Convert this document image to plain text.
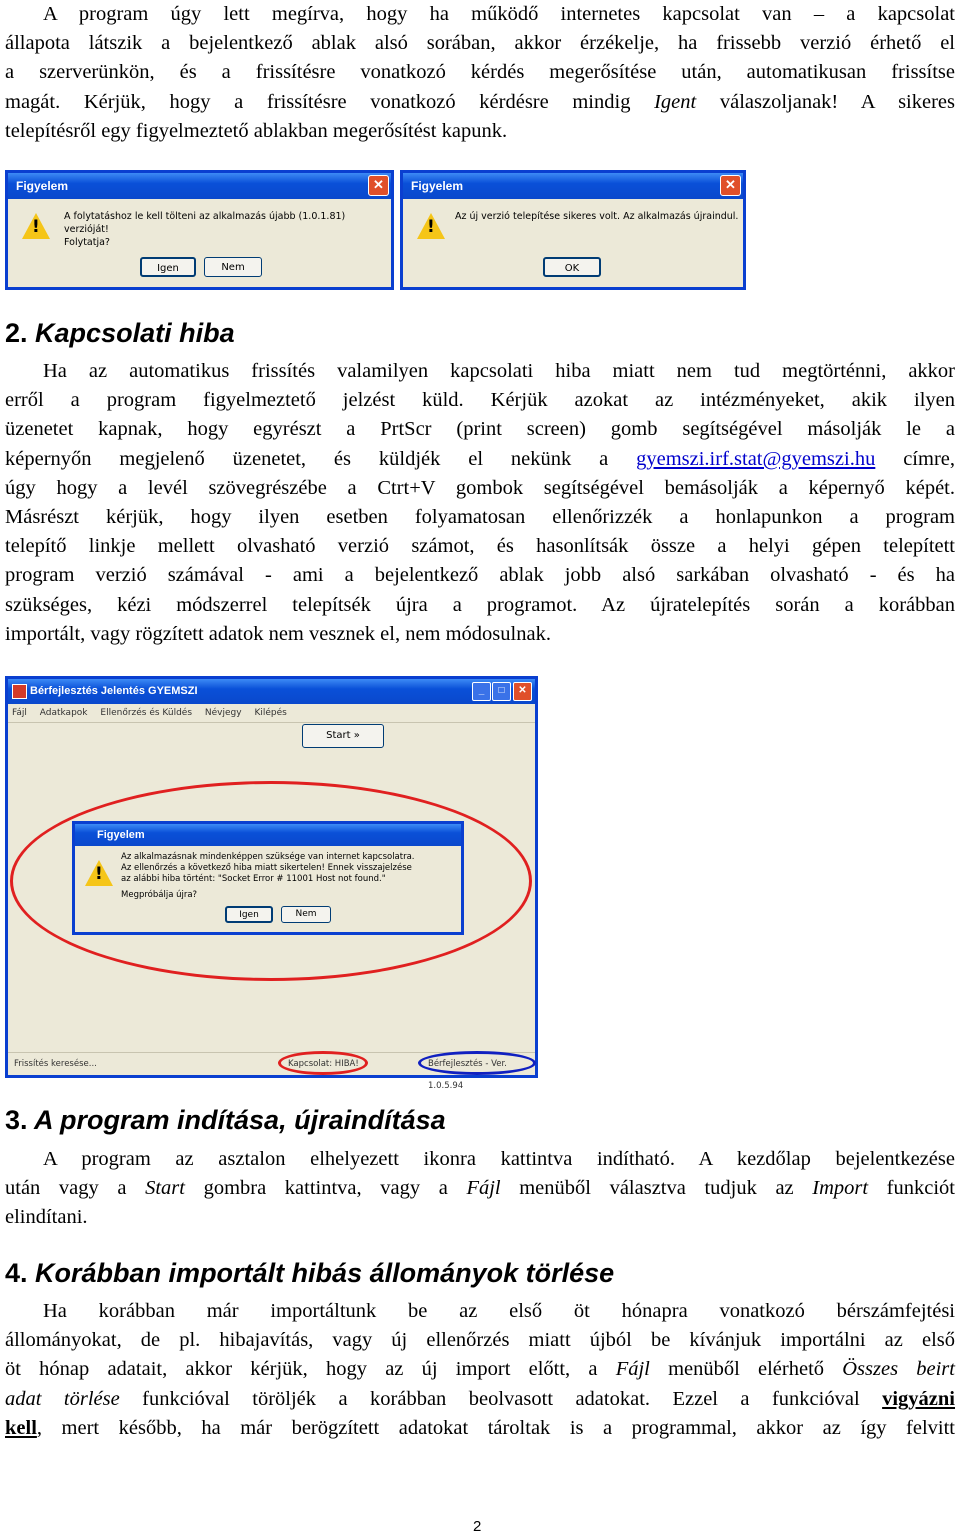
A program úgy lett megírva, hogy ha működő internetes kapcsolat van – a kapcsolat
állapota látszik a bejelentkező ablak alsó sorában, akkor érzékelje, ha frissebb verzió érhető el
a szerverünkön, és a frissítésre vonatkozó kérdés megerősítése után, automatikusan frissítse
magát. Kérjük, hogy a frissítésre vonatkozó kérdésre mindig Igent válaszoljanak! A sikeres
telepítésről egy figyelmeztető ablakban megerősítést kapunk.
Figyelem	✕
!
A folytatáshoz le kell tölteni az alkalmazás újabb (1.0.1.81) verzióját!
Folytatja?
Igen	Nem
Figyelem	✕
!
Az új verzió telepítése sikeres volt. Az alkalmazás újraindul.
OK
2. Kapcsolati hiba
Ha az automatikus frissítés valamilyen kapcsolati hiba miatt nem tud megtörténni, akkor
erről a program figyelmeztető jelzést küld. Kérjük azokat az intézményeket, akik ilyen
üzenetet kapnak, hogy egyrészt a PrtScr (print screen) gomb segítségével másolják le a
képernyőn megjelenő üzenetet, és küldjék el nekünk a gyemszi.irf.stat@gyemszi.hu címre,
úgy hogy a levél szövegrészébe a Ctrt+V gombok segítségével bemásolják a képernyő képét.
Másrészt kérjük, hogy ilyen esetben folyamatosan ellenőrizzék a honlapunkon a program
telepítő linkje mellett olvasható verzió számot, és hasonlítsák össze a helyi gépen telepített
program verzió számával - ami a bejelentkező ablak jobb alsó sarkában olvasható - és ha
szükséges, kézi módszerrel telepítsék újra a programot. Az újratelepítés során a korábban
importált, vagy rögzített adatok nem vesznek el, nem módosulnak.
Bérfejlesztés Jelentés GYEMSZI	_	□	✕
Fájl Adatkapok Ellenőrzés és Küldés Névjegy Kilépés
Start »
Figyelem
!
Az alkalmazásnak mindenképpen szüksége van internet kapcsolatra.
Az ellenőrzés a következő hiba miatt sikertelen! Ennek visszajelzése
az alábbi hiba történt: "Socket Error # 11001 Host not found."
Megpróbálja újra?
Igen	Nem
Frissítés keresése...	Kapcsolat: HIBA!	Bérfejlesztés - Ver. 1.0.5.94
3. A program indítása, újraindítása
A program az asztalon elhelyezett ikonra kattintva indítható. A kezdőlap bejelentkezése
után vagy a Start gombra kattintva, vagy a Fájl menüből választva tudjuk az Import funkciót
elindítani.
4. Korábban importált hibás állományok törlése
Ha korábban már importáltunk be az első öt hónapra vonatkozó bérszámfejtési
állományokat, de pl. hibajavítás, vagy új ellenőrzés miatt újból be kívánjuk importálni az első
öt hónap adatait, akkor kérjük, hogy az új import előtt, a Fájl menüből elérhető Összes beirt
adat törlése funkcióval töröljék a korábban beolvasott adatokat. Ezzel a funkcióval vigyázni
kell, mert később, ha már berögzített adatokat tároltak is a programmal, akkor az így felvitt
2
